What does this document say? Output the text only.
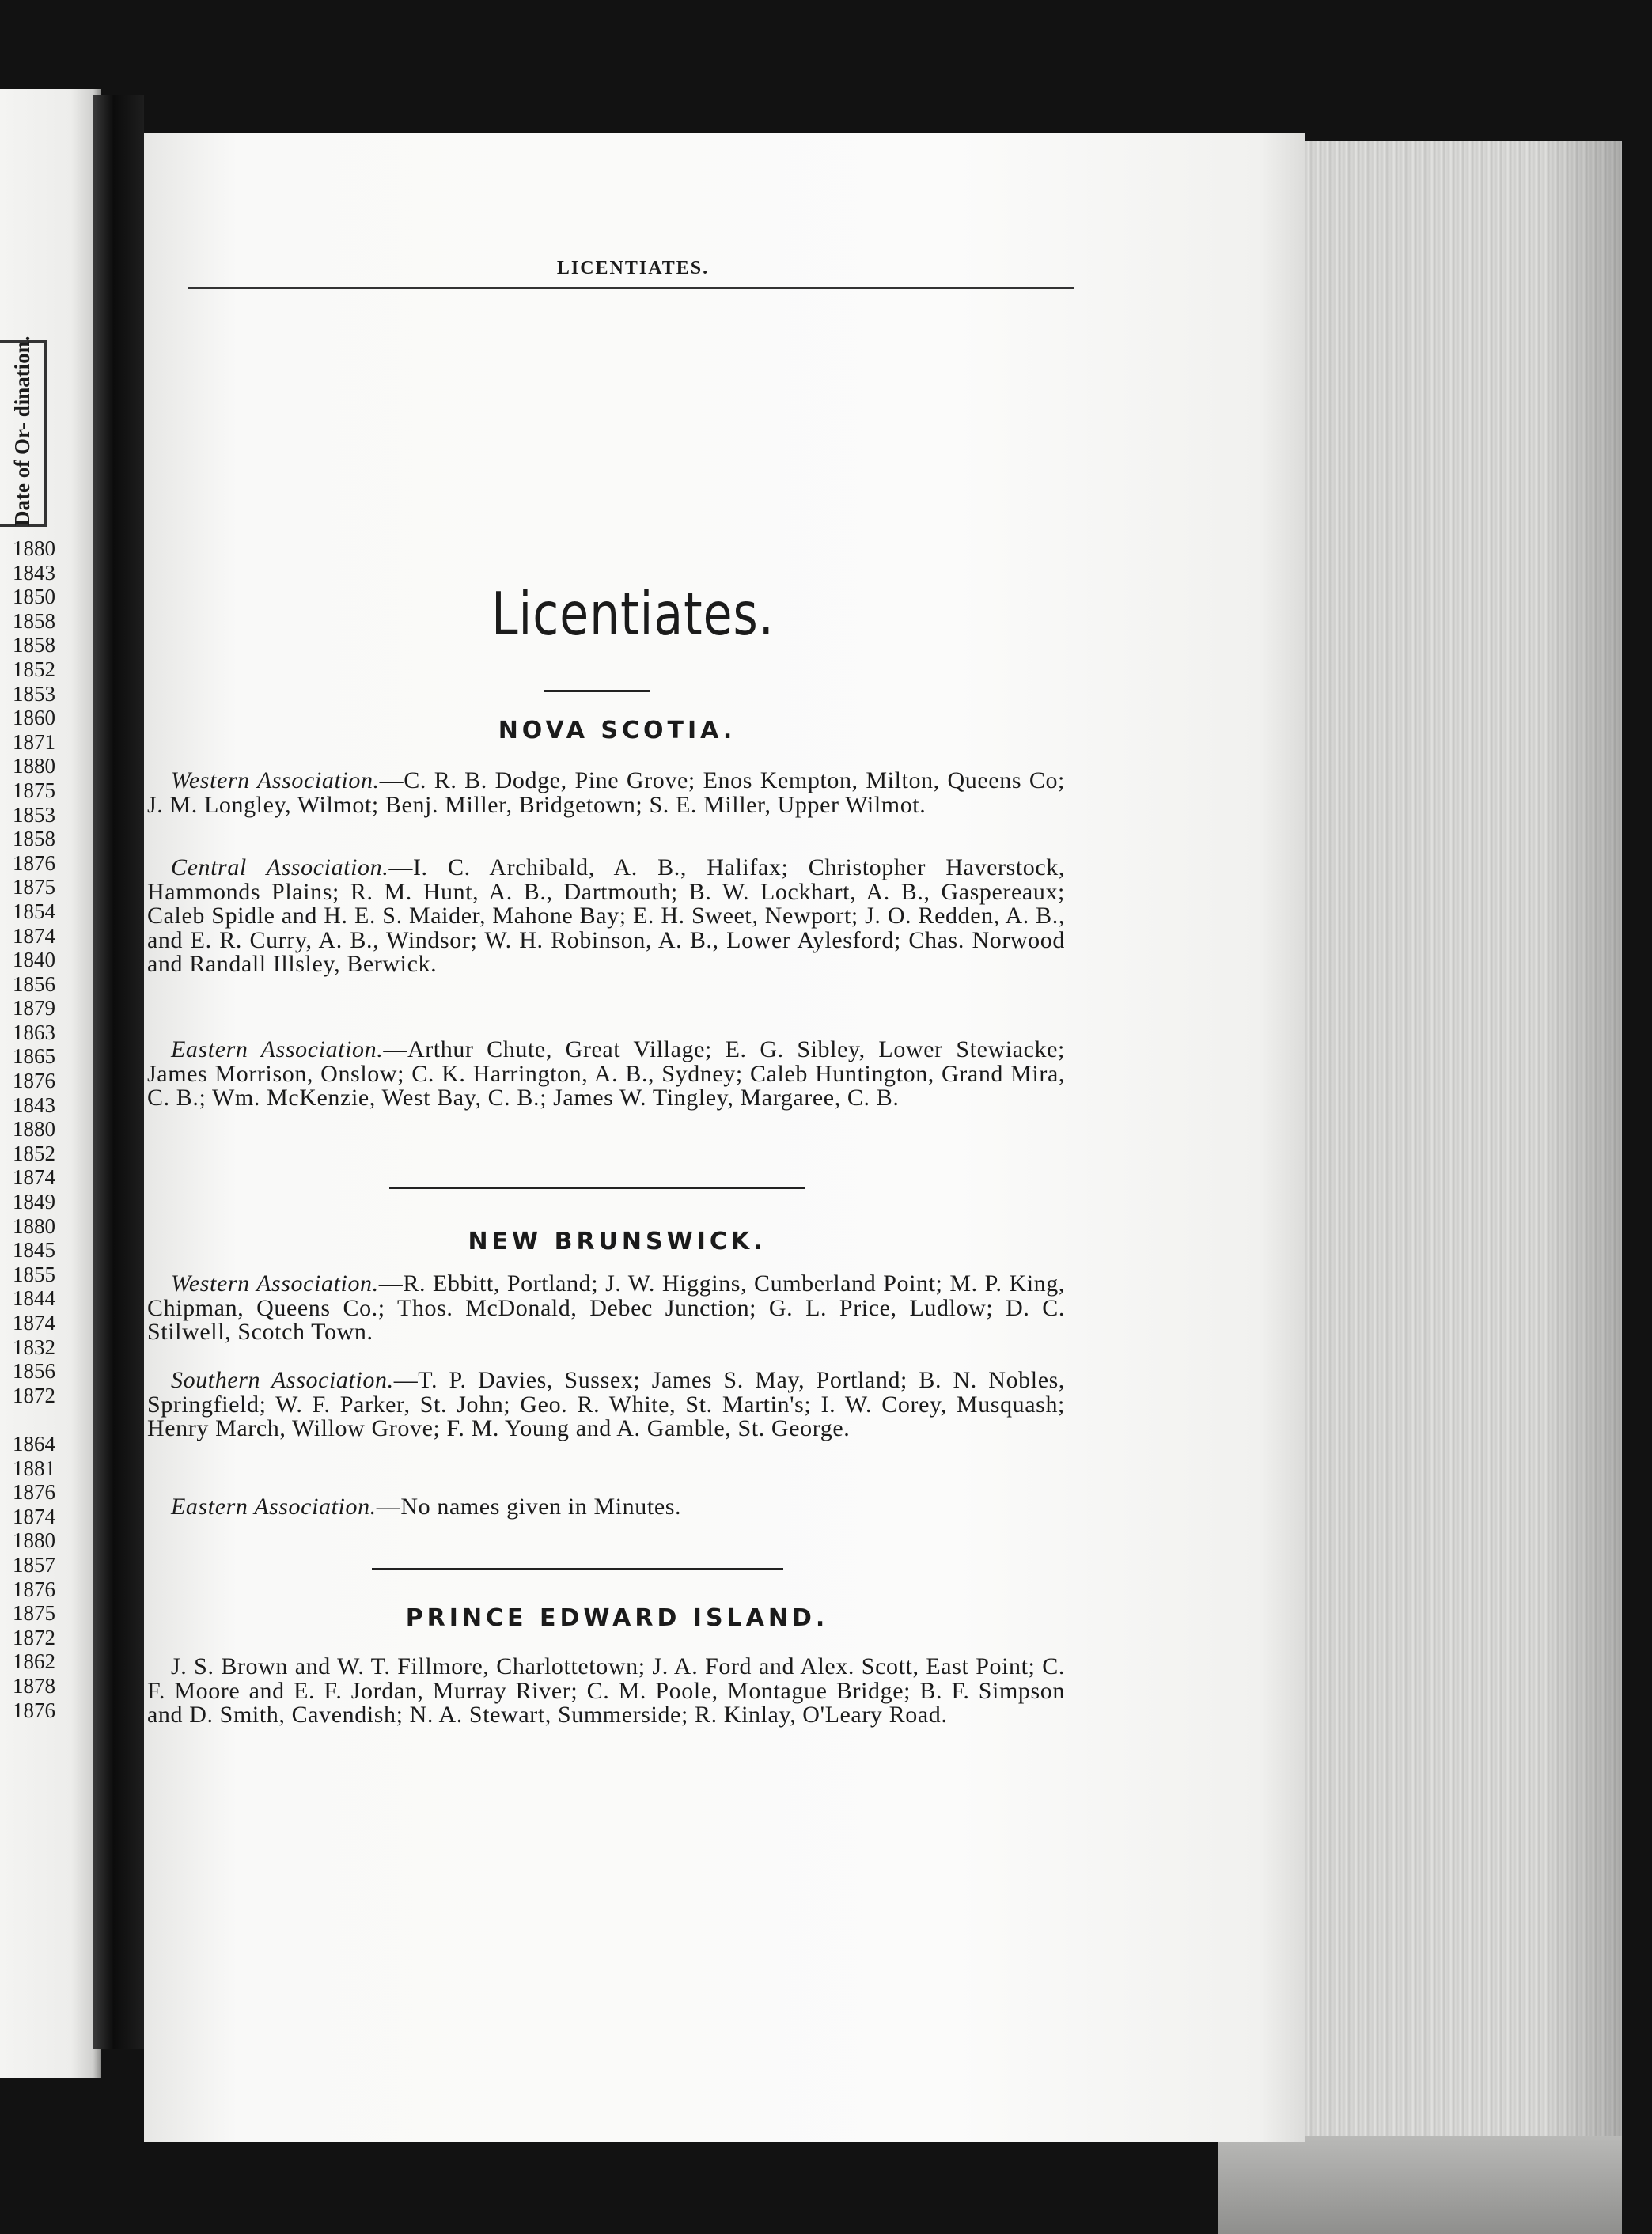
Date of Or- dination.
1880
1843
1850
1858
1858
1852
1853
1860
1871
1880
1875
1853
1858
1876
1875
1854
1874
1840
1856
1879
1863
1865
1876
1843
1880
1852
1874
1849
1880
1845
1855
1844
1874
1832
1856
1872
1864
1881
1876
1874
1880
1857
1876
1875
1872
1862
1878
1876
LICENTIATES.
Licentiates.
NOVA SCOTIA.
Western Association.—C. R. B. Dodge, Pine Grove; Enos Kempton, Milton, Queens Co; J. M. Longley, Wilmot; Benj. Miller, Bridgetown; S. E. Miller, Upper Wilmot.
Central Association.—I. C. Archibald, A. B., Halifax; Christopher Haverstock, Hammonds Plains; R. M. Hunt, A. B., Dartmouth; B. W. Lockhart, A. B., Gaspereaux; Caleb Spidle and H. E. S. Maider, Mahone Bay; E. H. Sweet, Newport; J. O. Redden, A. B., and E. R. Curry, A. B., Windsor; W. H. Robinson, A. B., Lower Aylesford; Chas. Norwood and Randall Illsley, Berwick.
Eastern Association.—Arthur Chute, Great Village; E. G. Sibley, Lower Stewiacke; James Morrison, Onslow; C. K. Harrington, A. B., Sydney; Caleb Huntington, Grand Mira, C. B.; Wm. McKenzie, West Bay, C. B.; James W. Tingley, Margaree, C. B.
NEW BRUNSWICK.
Western Association.—R. Ebbitt, Portland; J. W. Higgins, Cumberland Point; M. P. King, Chipman, Queens Co.; Thos. McDonald, Debec Junction; G. L. Price, Ludlow; D. C. Stilwell, Scotch Town.
Southern Association.—T. P. Davies, Sussex; James S. May, Portland; B. N. Nobles, Springfield; W. F. Parker, St. John; Geo. R. White, St. Martin's; I. W. Corey, Musquash; Henry March, Willow Grove; F. M. Young and A. Gamble, St. George.
Eastern Association.—No names given in Minutes.
PRINCE EDWARD ISLAND.
J. S. Brown and W. T. Fillmore, Charlottetown; J. A. Ford and Alex. Scott, East Point; C. F. Moore and E. F. Jordan, Murray River; C. M. Poole, Montague Bridge; B. F. Simpson and D. Smith, Cavendish; N. A. Stewart, Summerside; R. Kinlay, O'Leary Road.
